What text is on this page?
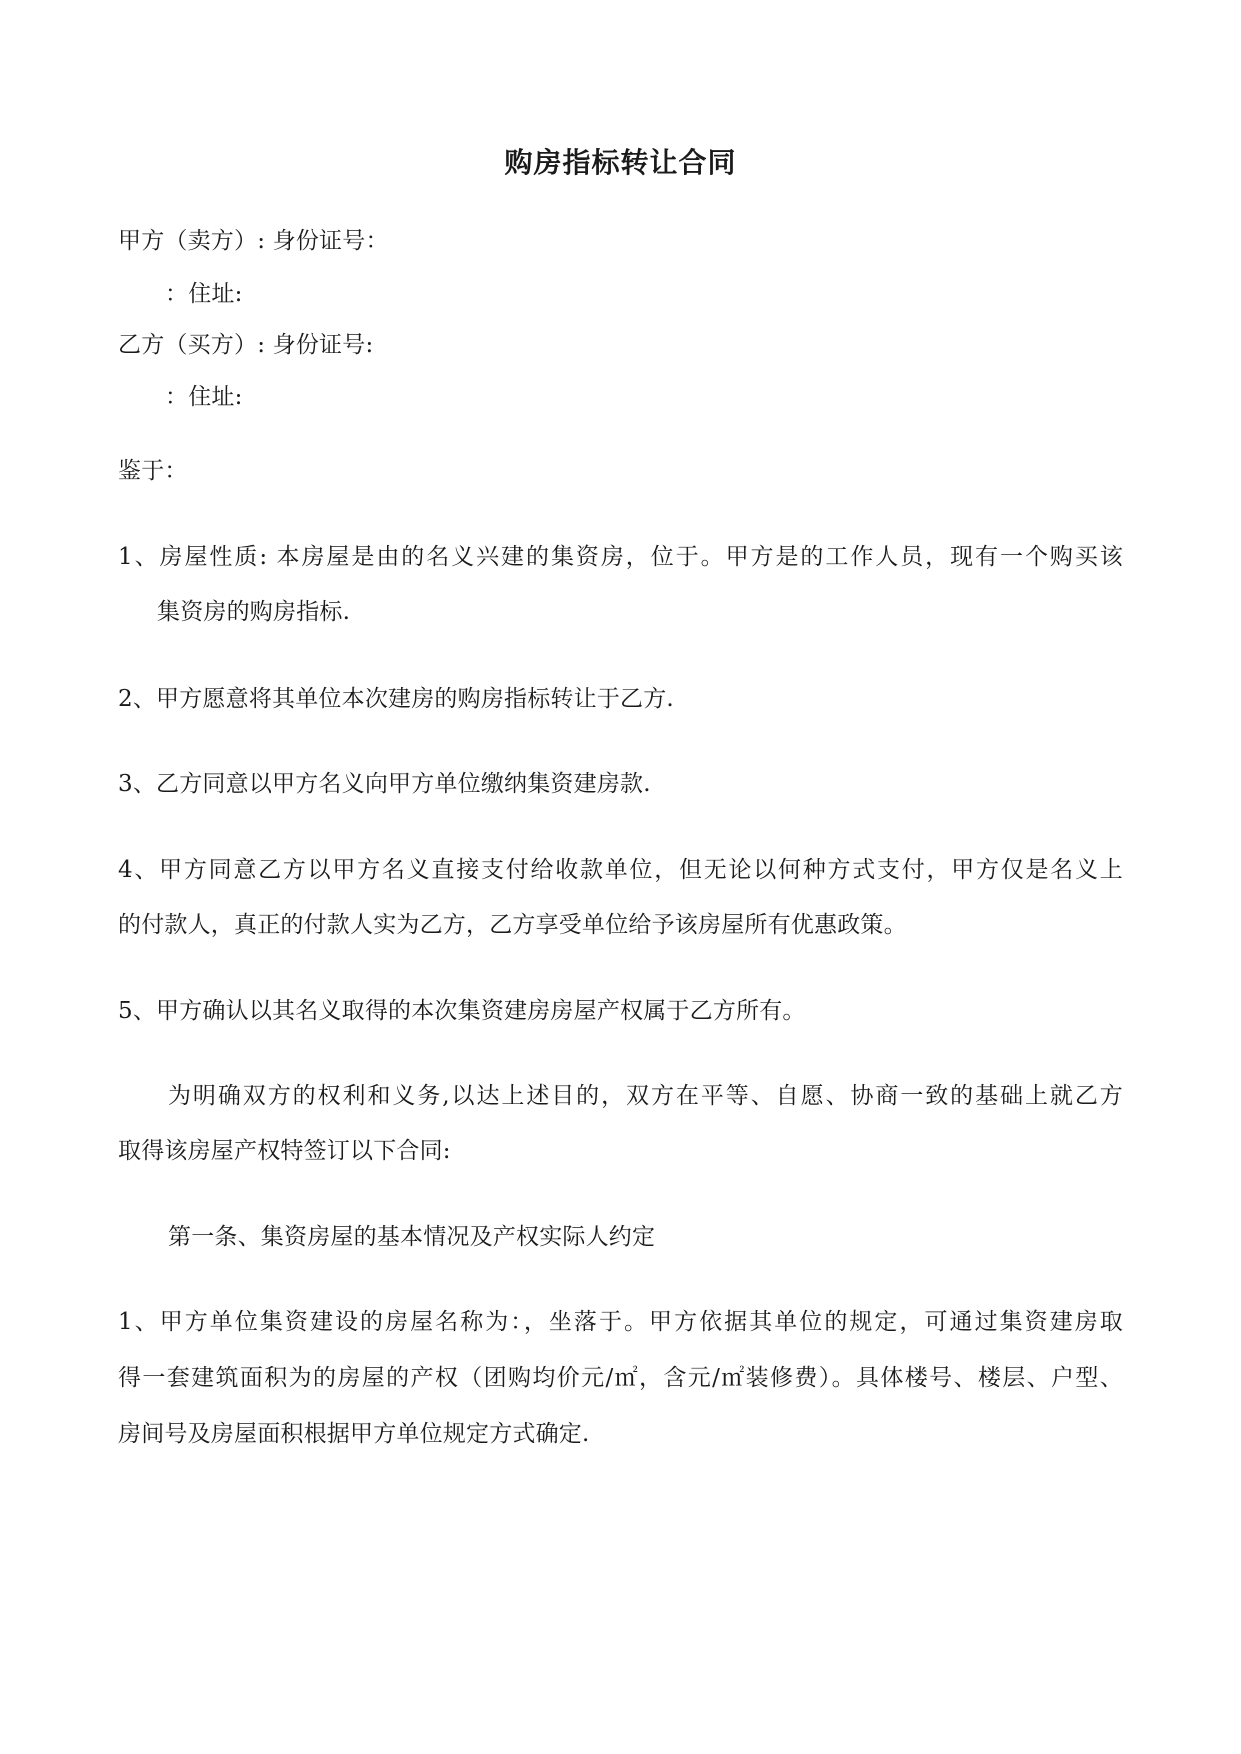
购房指标转让合同
甲方（卖方）: 身份证号：
：住址:
乙方（买方）: 身份证号:
：住址:
鉴于：
1、房屋性质: 本房屋是由的名义兴建的集资房，位于。甲方是的工作人员，现有一个购买该
集资房的购房指标.
2、甲方愿意将其单位本次建房的购房指标转让于乙方.
3、乙方同意以甲方名义向甲方单位缴纳集资建房款.
4、甲方同意乙方以甲方名义直接支付给收款单位，但无论以何种方式支付，甲方仅是名义上
的付款人，真正的付款人实为乙方，乙方享受单位给予该房屋所有优惠政策。
5、甲方确认以其名义取得的本次集资建房房屋产权属于乙方所有。
为明确双方的权利和义务,以达上述目的，双方在平等、自愿、协商一致的基础上就乙方
取得该房屋产权特签订以下合同:
第一条、集资房屋的基本情况及产权实际人约定
1、甲方单位集资建设的房屋名称为：，坐落于。甲方依据其单位的规定，可通过集资建房取
得一套建筑面积为的房屋的产权（团购均价元/㎡，含元/㎡装修费）。具体楼号、楼层、户型、
房间号及房屋面积根据甲方单位规定方式确定.
